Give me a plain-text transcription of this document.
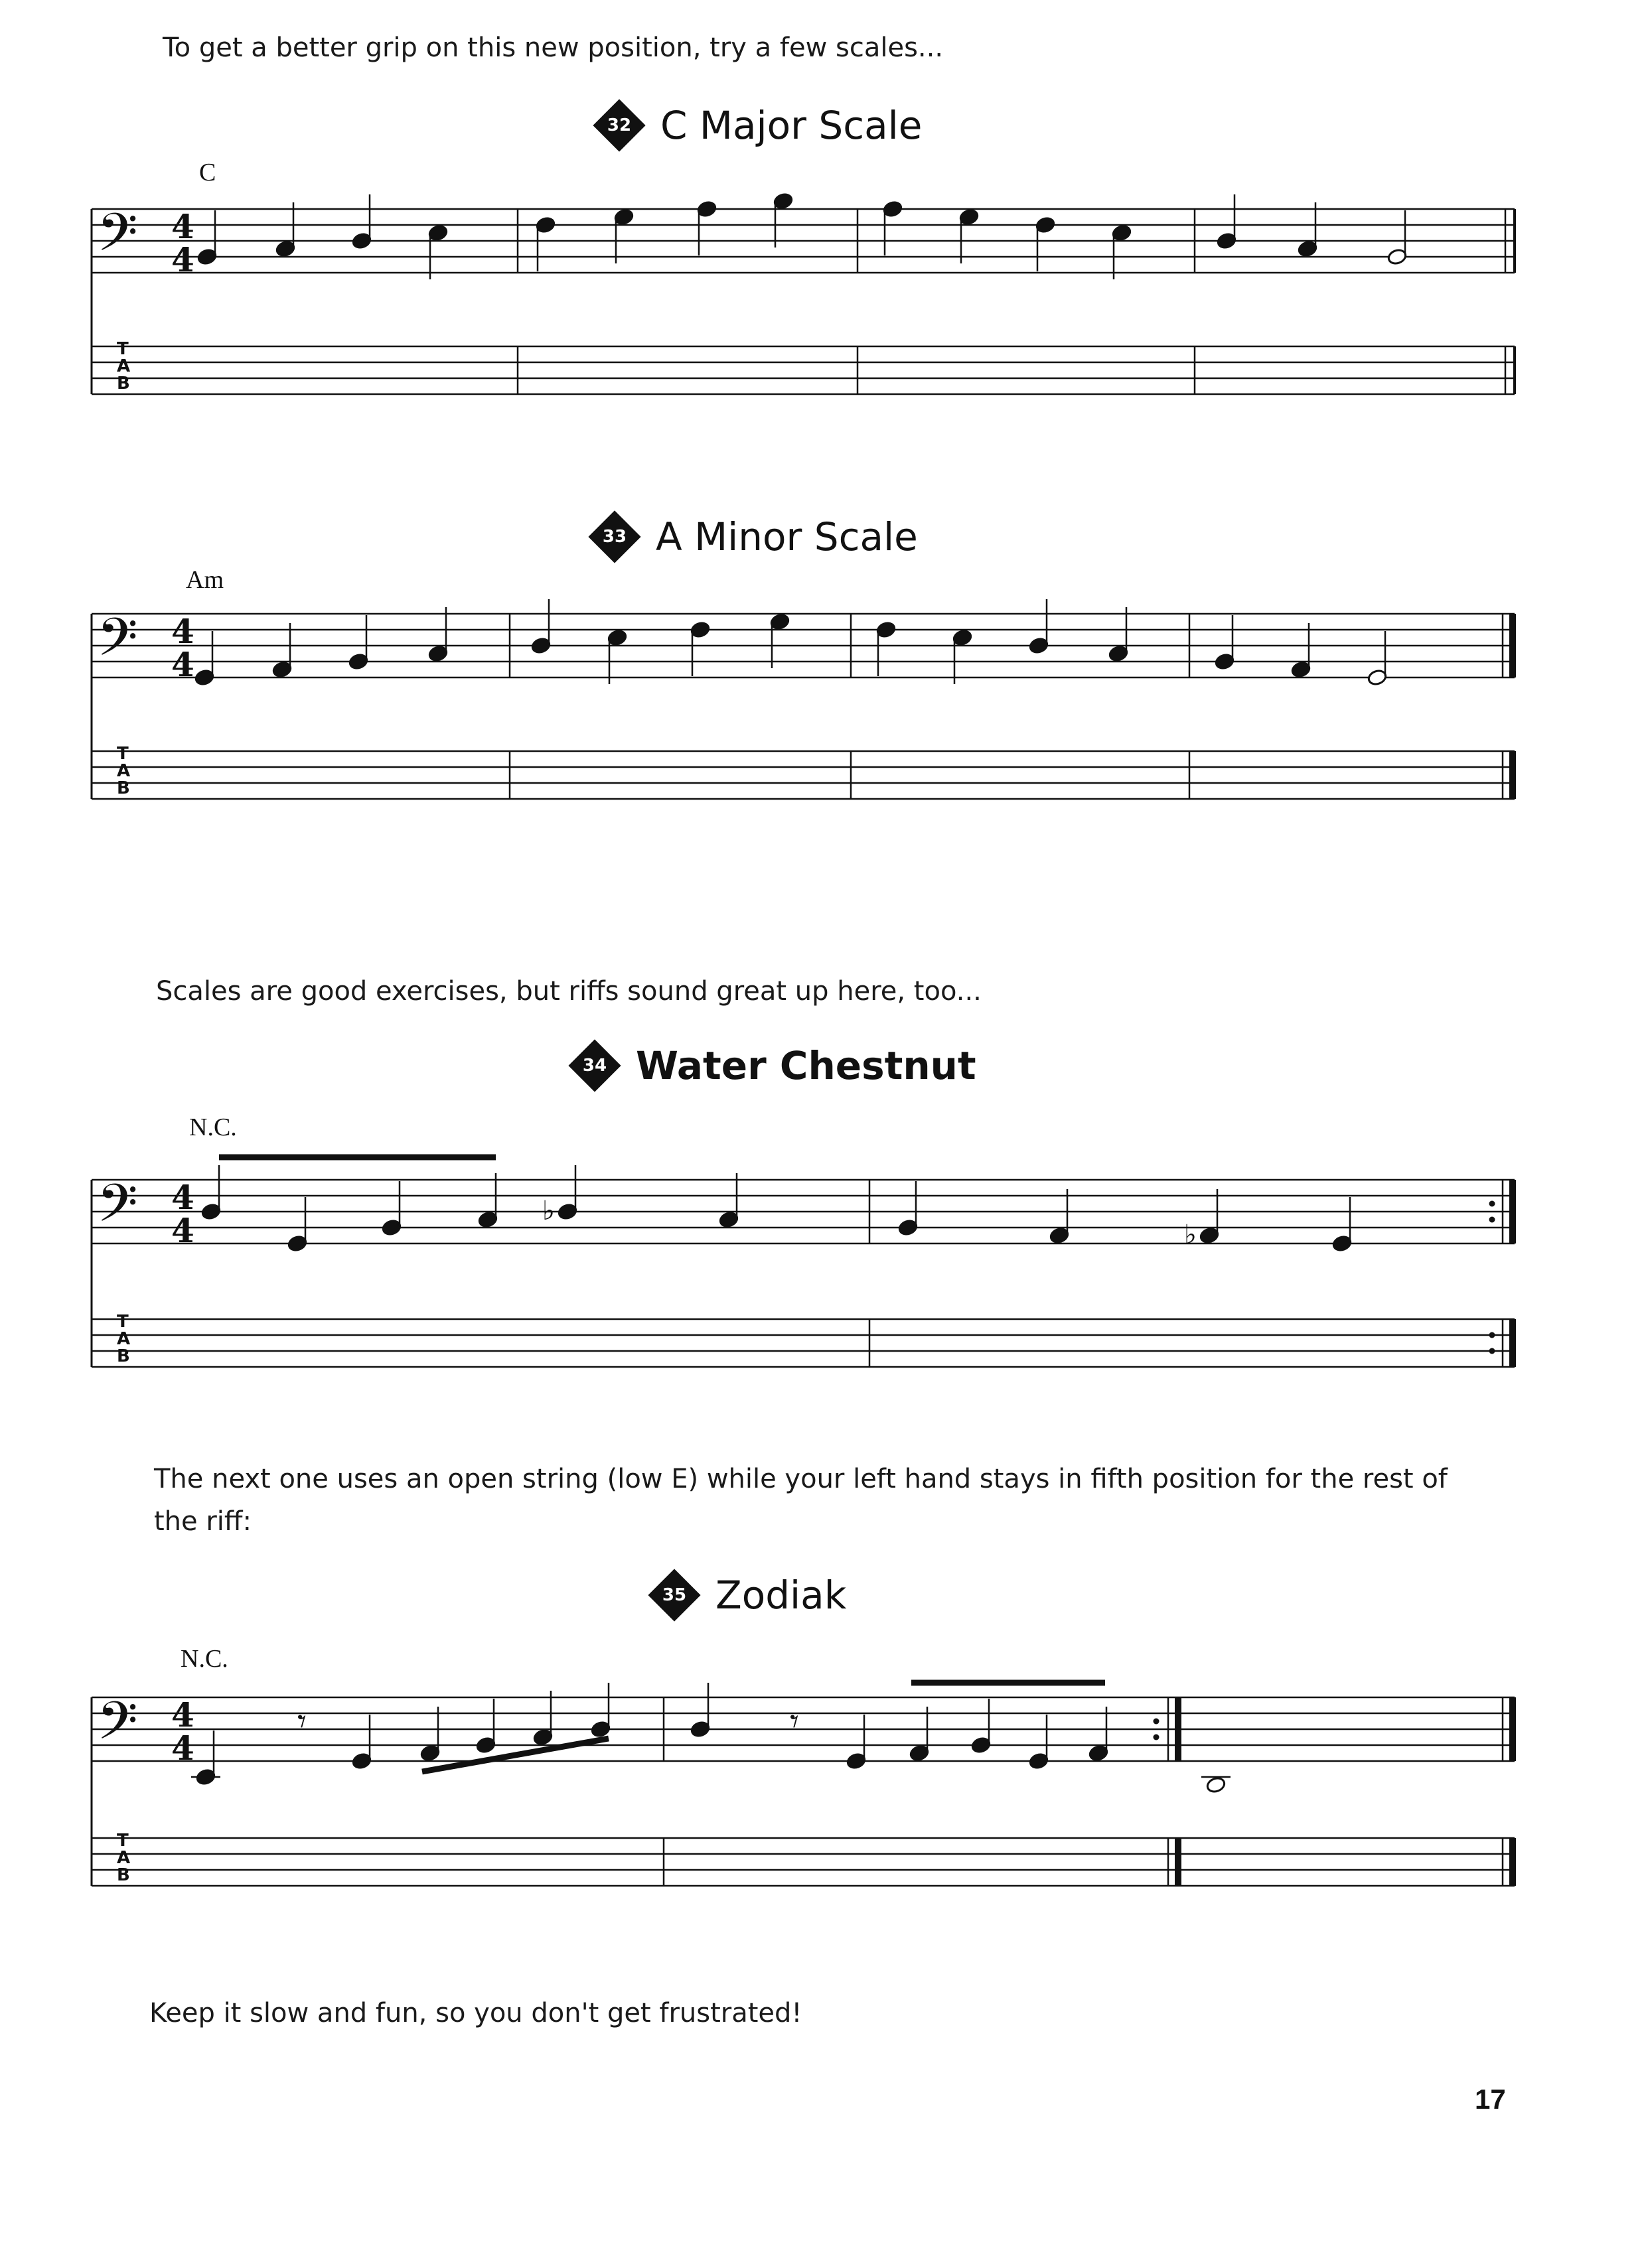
To get a better grip on this new position, try a few scales...
32 C Major Scale
C
33 A Minor Scale
Am
Scales are good exercises, but riffs sound great up here, too...
34 Water Chestnut
N.C.
The next one uses an open string (low E) while your left hand stays in fifth position for the rest of the riff:
35 Zodiak
N.C.
Keep it slow and fun, so you don't get frustrated!
17
𝄢 4
4
T
A
B
𝄢 4
4
T
A
B
𝄢 4
4
T
A
B
♭
♭
𝄢 4
4
T
A
B
𝄾	𝄾
